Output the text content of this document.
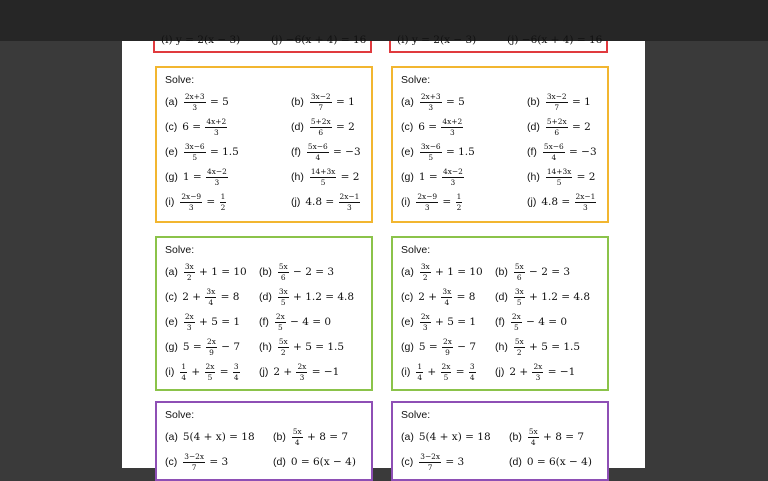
(i) y = 2(x − 3)	(j) −6(x + 4) = 16	(i) y = 2(x − 3)	(j) −6(x + 4) = 16
Solve:
$(a) \frac{2x+3}{3} = 5$	$(b) \frac{3x-2}{7} = 1$
(c) $6 = \frac{4x+2}{3}$	$(d) \frac{5+2x}{6} = 2$
$(e) \frac{3x-6}{5} = 1.5$	$(f) \frac{5x-6}{4} = -3$
(g) $1 = \frac{4x-2}{3}$	$(h) \frac{14+3x}{5} = 2$
$(i) \frac{2x-9}{3} = \frac{1}{2}$	(j) $4.8 = \frac{2x-1}{3}$
Solve:
$(a) \frac{2x+3}{3} = 5$	$(b) \frac{3x-2}{7} = 1$
(c) $6 = \frac{4x+2}{3}$	$(d) \frac{5+2x}{6} = 2$
$(e) \frac{3x-6}{5} = 1.5$	$(f) \frac{5x-6}{4} = -3$
(g) $1 = \frac{4x-2}{3}$	$(h) \frac{14+3x}{5} = 2$
$(i) \frac{2x-9}{3} = \frac{1}{2}$	(j) $4.8 = \frac{2x-1}{3}$
Solve:
$(a) \frac{3x}{2} + 1 = 10$ $(b) \frac{5x}{6} - 2 = 3$
(c) $2 + \frac{3x}{4} = 8$ $(d) \frac{3x}{5} + 1.2 = 4.8$
$(e) \frac{2x}{3} + 5 = 1$ $(f) \frac{2x}{5} - 4 = 0$
(g) $5 = \frac{2x}{9} - 7$ $(h) \frac{5x}{2} + 5 = 1.5$
$(i) \frac{1}{4} + \frac{2x}{5} = \frac{3}{4} (j) 2 + \frac{2x}{3} = -1$
Solve:
$(a) \frac{3x}{2} + 1 = 10$ $(b) \frac{5x}{6} - 2 = 3$
(c) $2 + \frac{3x}{4} = 8$ $(d) \frac{3x}{5} + 1.2 = 4.8$
$(e) \frac{2x}{3} + 5 = 1$ $(f) \frac{2x}{5} - 4 = 0$
(g) $5 = \frac{2x}{9} - 7$ $(h) \frac{5x}{2} + 5 = 1.5$
$(i) \frac{1}{4} + \frac{2x}{5} = \frac{3}{4} (j) 2 + \frac{2x}{3} = -1$
Solve:
(a) 5(4 + x) = 18 $(b) \frac{5x}{4} + 8 = 7$
$(c) \frac{3-2x}{7} = 3$	(d) 0 = 6(x − 4)
Solve:
(a) 5(4 + x) = 18 $(b) \frac{5x}{4} + 8 = 7$
$(c) \frac{3-2x}{7} = 3$	(d) 0 = 6(x − 4)
